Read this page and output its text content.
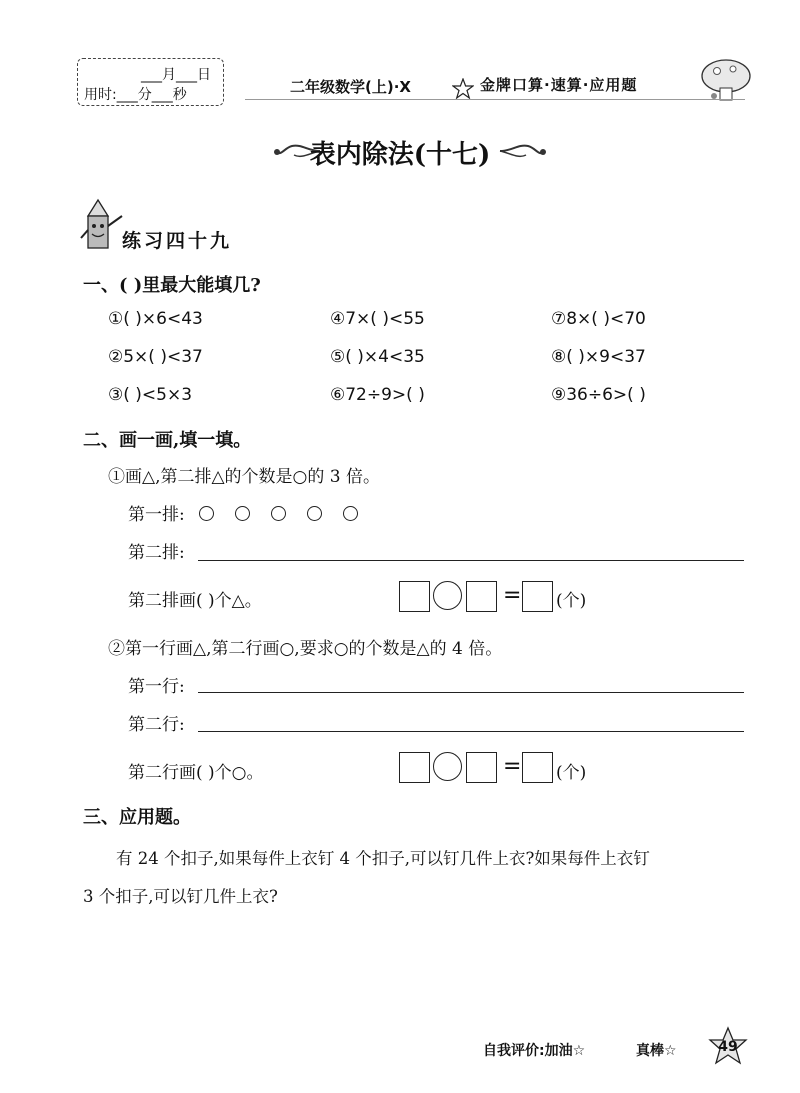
___月___日
用时:___分___秒	二年级数学(上)·X	金牌口算·速算·应用题
表内除法(十七)
练习四十九
一、( )里最大能填几?
①( )×6<43	④7×( )<55	⑦8×( )<70
②5×( )<37	⑤( )×4<35	⑧( )×9<37
③( )<5×3	⑥72÷9>( )	⑨36÷6>( )
二、画一画,填一填。
①画△,第二排△的个数是○的 3 倍。
第一排:
第二排:
第二排画( )个△。	= (个)
②第一行画△,第二行画○,要求○的个数是△的 4 倍。
第一行:
第二行:
第二行画( )个○。	= (个)
三、应用题。
有 24 个扣子,如果每件上衣钉 4 个扣子,可以钉几件上衣?如果每件上衣钉
3 个扣子,可以钉几件上衣?
自我评价:加油☆	真棒☆	49
